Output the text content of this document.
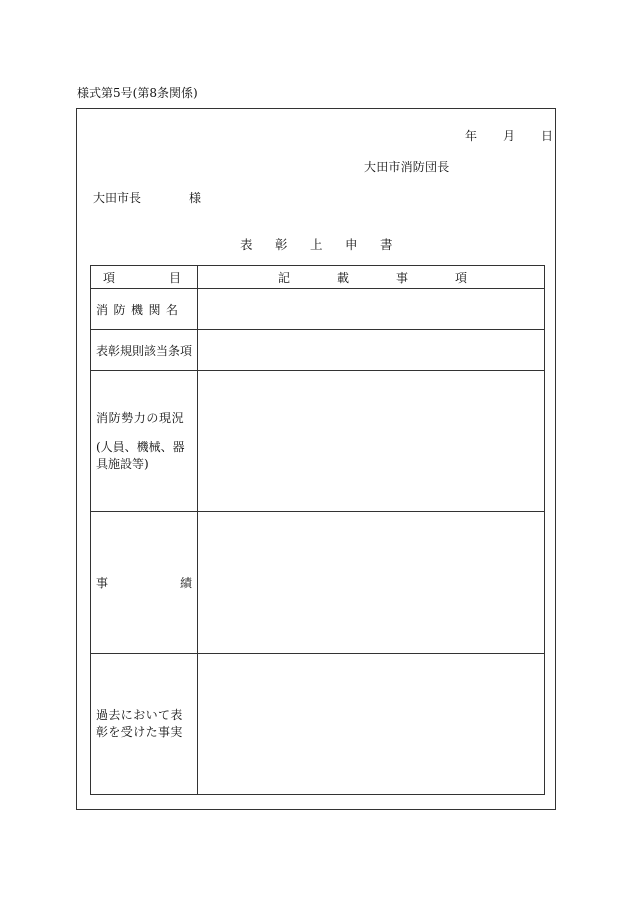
様式第5号(第8条関係)
年 月 日
大田市消防団長
大田市長	様
表 彰 上 申 書
項 目	記 載 事 項

消防機関名	

表彰規則該当条項	

消防勢力の現況
(人員、機械、器具施設等)	

事 績	

過去において表彰を受けた事実	
